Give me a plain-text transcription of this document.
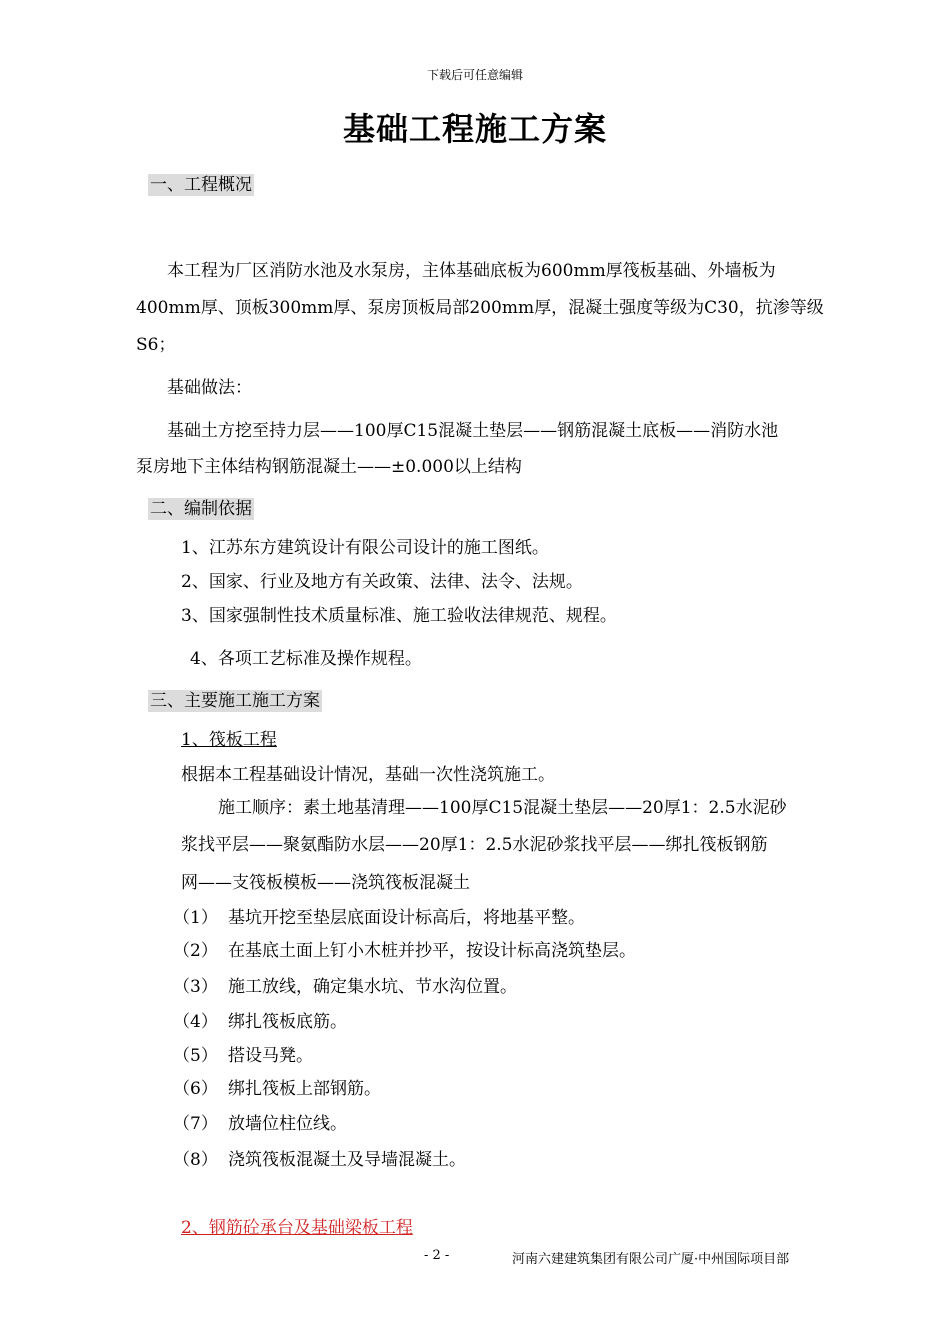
下载后可任意编辑
基础工程施工方案
一、工程概况
本工程为厂区消防水池及水泵房，主体基础底板为600mm厚筏板基础、外墙板为
400mm厚、顶板300mm厚、泵房顶板局部200mm厚，混凝土强度等级为C30，抗渗等级
S6；
基础做法：
基础土方挖至持力层——100厚C15混凝土垫层——钢筋混凝土底板——消防水池
泵房地下主体结构钢筋混凝土——±0.000以上结构
二、编制依据
1、江苏东方建筑设计有限公司设计的施工图纸。
2、国家、行业及地方有关政策、法律、法令、法规。
3、国家强制性技术质量标准、施工验收法律规范、规程。
4、各项工艺标准及操作规程。
三、主要施工施工方案
1、筏板工程
根据本工程基础设计情况，基础一次性浇筑施工。
施工顺序：素土地基清理——100厚C15混凝土垫层——20厚1：2.5水泥砂
浆找平层——聚氨酯防水层——20厚1：2.5水泥砂浆找平层——绑扎筏板钢筋
网——支筏板模板——浇筑筏板混凝土
（1） 基坑开挖至垫层底面设计标高后，将地基平整。
（2） 在基底土面上钉小木桩并抄平，按设计标高浇筑垫层。
（3） 施工放线，确定集水坑、节水沟位置。
（4） 绑扎筏板底筋。
（5） 搭设马凳。
（6） 绑扎筏板上部钢筋。
（7） 放墙位柱位线。
（8） 浇筑筏板混凝土及导墙混凝土。
2、钢筋砼承台及基础梁板工程
- 2 -	河南六建建筑集团有限公司广厦·中州国际项目部
